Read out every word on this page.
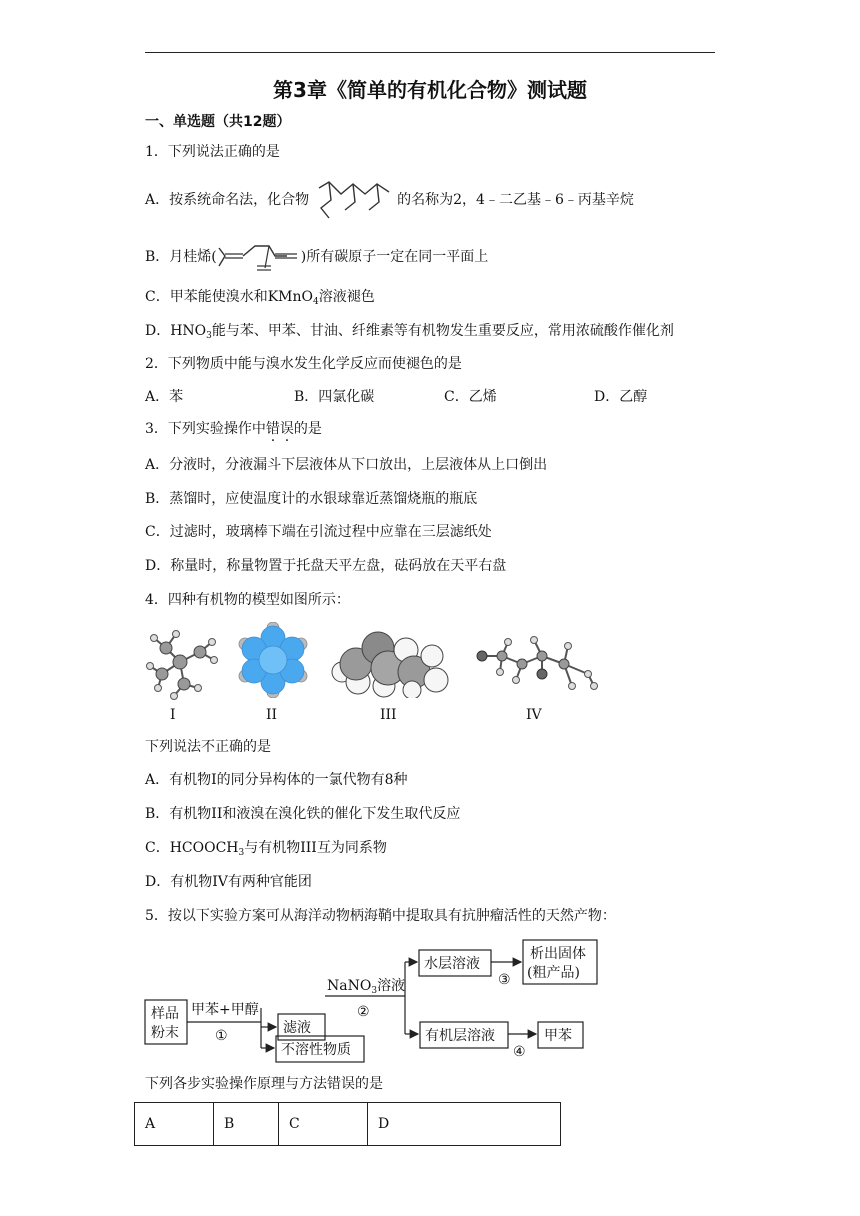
第3章《简单的有机化合物》测试题
一、单选题（共12题）
1．下列说法正确的是
A．按系统命名法，化合物	的名称为2，4﹣二乙基﹣6﹣丙基辛烷
B．月桂烯(	)所有碳原子一定在同一平面上
C．甲苯能使溴水和KMnO$_4$溶液褪色
D．$HNO_3$能与苯、甲苯、甘油、纤维素等有机物发生重要反应，常用浓硫酸作催化剂
2．下列物质中能与溴水发生化学反应而使褪色的是
A．苯	B．四氯化碳	C．乙烯	D．乙醇
3．下列实验操作中错误的是
A．分液时，分液漏斗下层液体从下口放出，上层液体从上口倒出
B．蒸馏时，应使温度计的水银球靠近蒸馏烧瓶的瓶底
C．过滤时，玻璃棒下端在引流过程中应靠在三层滤纸处
D．称量时，称量物置于托盘天平左盘，砝码放在天平右盘
4．四种有机物的模型如图所示：
I	II	III	IV
下列说法不正确的是
A．有机物I的同分异构体的一氯代物有8种
B．有机物II和液溴在溴化铁的催化下发生取代反应
C．$HCOOCH_3$与有机物III互为同系物
D．有机物IV有两种官能团
5．按以下实验方案可从海洋动物柄海鞘中提取具有抗肿瘤活性的天然产物：
样品
粉末
甲苯+甲醇
①	滤液
不溶性物质
NaNO$_3$溶液
②
水层溶液
③
析出固体
(粗产品)
有机层溶液
④
甲苯
下列各步实验操作原理与方法错误的是
A	B	C	D
